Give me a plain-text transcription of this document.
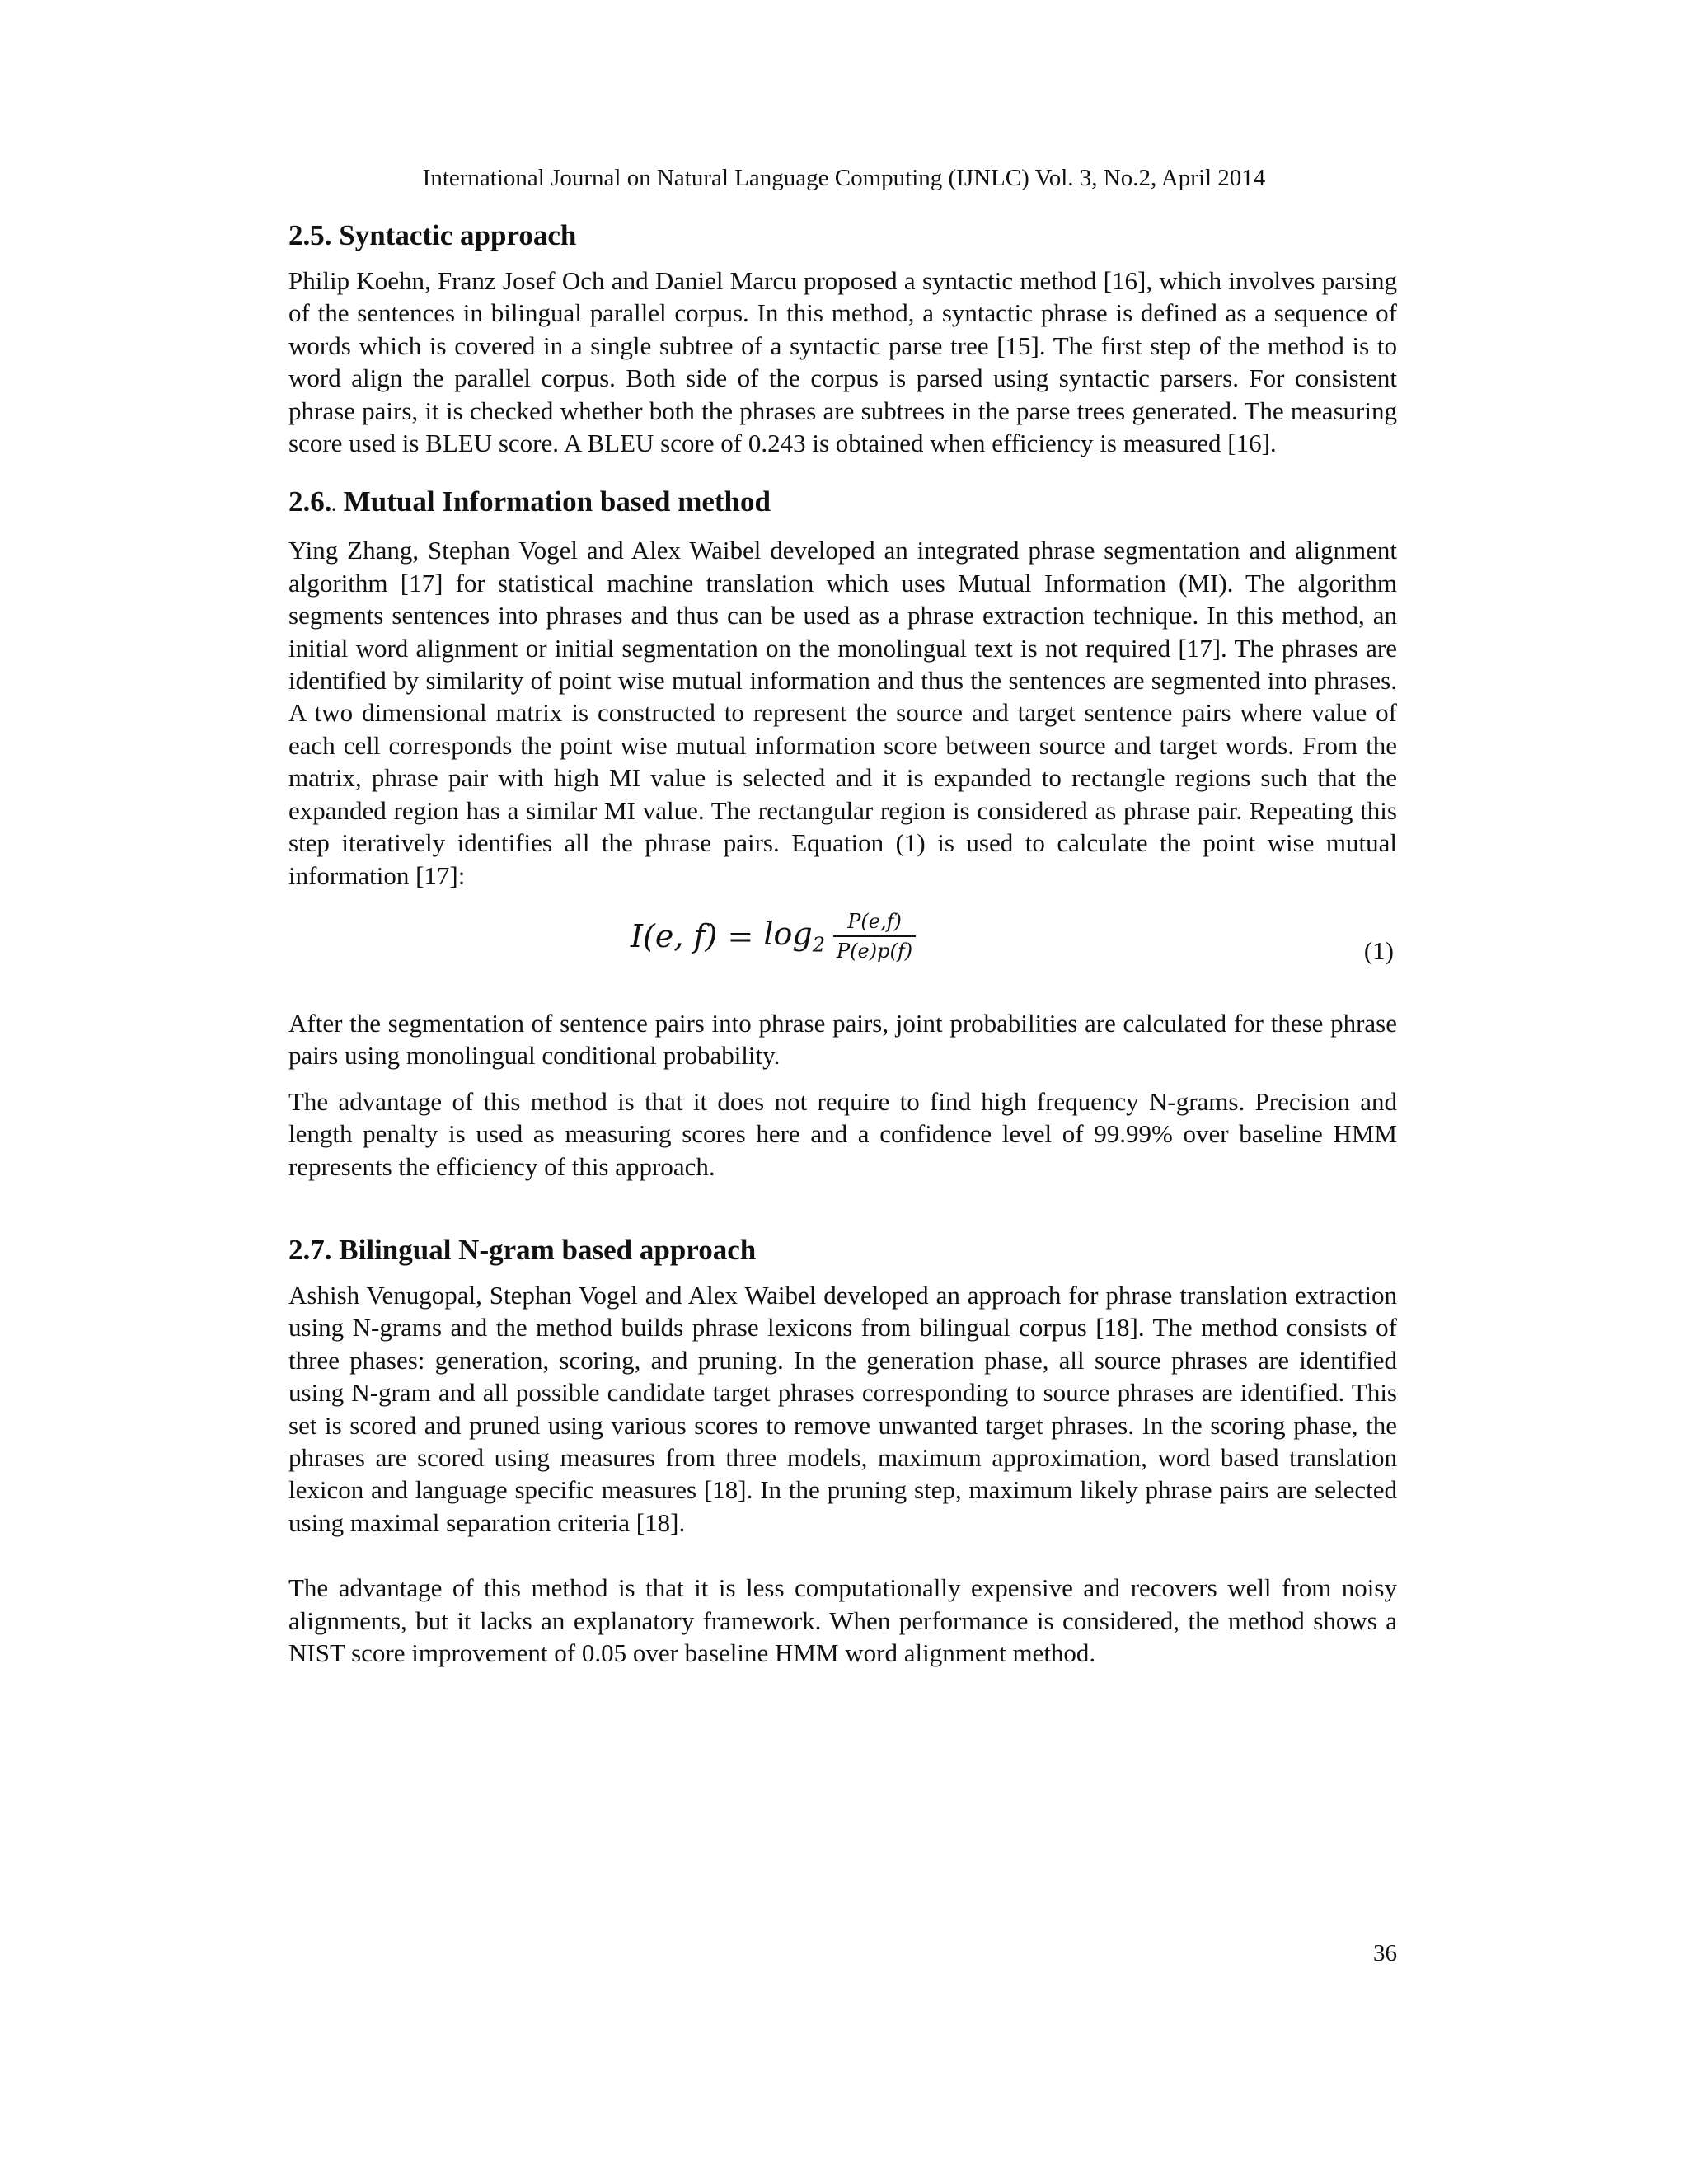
International Journal on Natural Language Computing (IJNLC) Vol. 3, No.2, April 2014
2.5. Syntactic approach

Philip Koehn, Franz Josef Och and Daniel Marcu proposed a syntactic method [16], which involves parsing of the sentences in bilingual parallel corpus. In this method, a syntactic phrase is defined as a sequence of words which is covered in a single subtree of a syntactic parse tree [15]. The first step of the method is to word align the parallel corpus. Both side of the corpus is parsed using syntactic parsers. For consistent phrase pairs, it is checked whether both the phrases are subtrees in the parse trees generated. The measuring score used is BLEU score. A BLEU score of 0.243 is obtained when efficiency is measured [16].

2.6.. Mutual Information based method

Ying Zhang, Stephan Vogel and Alex Waibel developed an integrated phrase segmentation and alignment algorithm [17] for statistical machine translation which uses Mutual Information (MI). The algorithm segments sentences into phrases and thus can be used as a phrase extraction technique. In this method, an initial word alignment or initial segmentation on the monolingual text is not required [17]. The phrases are identified by similarity of point wise mutual information and thus the sentences are segmented into phrases. A two dimensional matrix is constructed to represent the source and target sentence pairs where value of each cell corresponds the point wise mutual information score between source and target words. From the matrix, phrase pair with high MI value is selected and it is expanded to rectangle regions such that the expanded region has a similar MI value. The rectangular region is considered as phrase pair. Repeating this step iteratively identifies all the phrase pairs. Equation (1) is used to calculate the point wise mutual information [17]:

I(e, $f) = \log_2 \frac{P(e,f)}{P(e)p(f)}$	(1)

After the segmentation of sentence pairs into phrase pairs, joint probabilities are calculated for these phrase pairs using monolingual conditional probability.

The advantage of this method is that it does not require to find high frequency N-grams. Precision and length penalty is used as measuring scores here and a confidence level of 99.99% over baseline HMM represents the efficiency of this approach.

2.7. Bilingual N-gram based approach

Ashish Venugopal, Stephan Vogel and Alex Waibel developed an approach for phrase translation extraction using N-grams and the method builds phrase lexicons from bilingual corpus [18]. The method consists of three phases: generation, scoring, and pruning. In the generation phase, all source phrases are identified using N-gram and all possible candidate target phrases corresponding to source phrases are identified. This set is scored and pruned using various scores to remove unwanted target phrases. In the scoring phase, the phrases are scored using measures from three models, maximum approximation, word based translation lexicon and language specific measures [18]. In the pruning step, maximum likely phrase pairs are selected using maximal separation criteria [18].

The advantage of this method is that it is less computationally expensive and recovers well from noisy alignments, but it lacks an explanatory framework. When performance is considered, the method shows a NIST score improvement of 0.05 over baseline HMM word alignment method.

36
